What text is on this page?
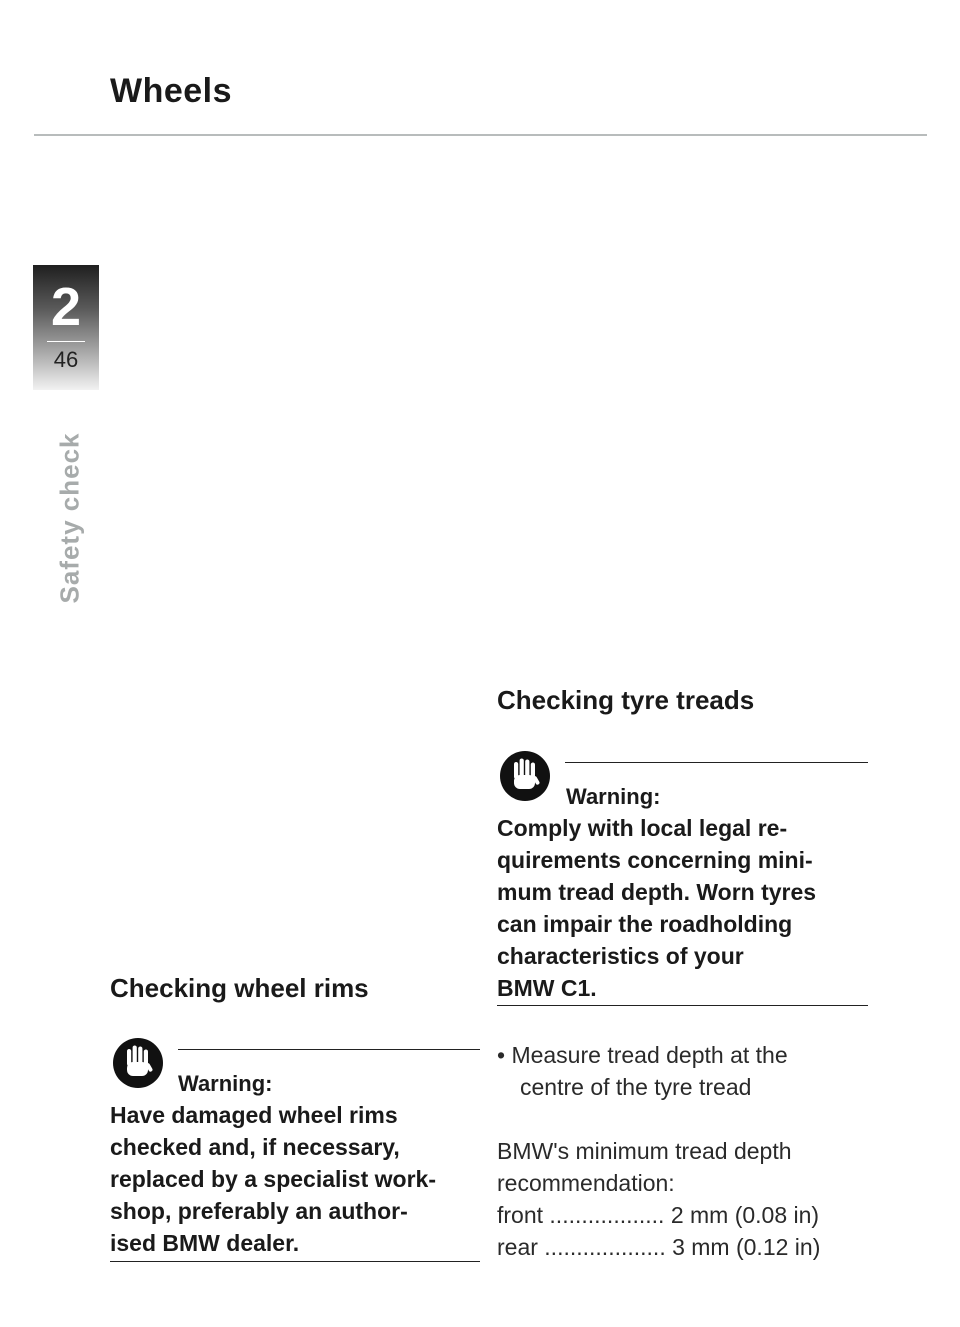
Wheels
2
46
Safety check
Checking wheel rims
Warning:
Have damaged wheel rims
checked and, if necessary,
replaced by a specialist work-
shop, preferably an author-
ised BMW dealer.
Checking tyre treads
Warning:
Comply with local legal re-
quirements concerning mini-
mum tread depth. Worn tyres
can impair the roadholding
characteristics of your
BMW C1.
• Measure tread depth at the
centre of the tyre tread
BMW's minimum tread depth
recommendation:
front .................. 2 mm (0.08 in)
rear ................... 3 mm (0.12 in)
